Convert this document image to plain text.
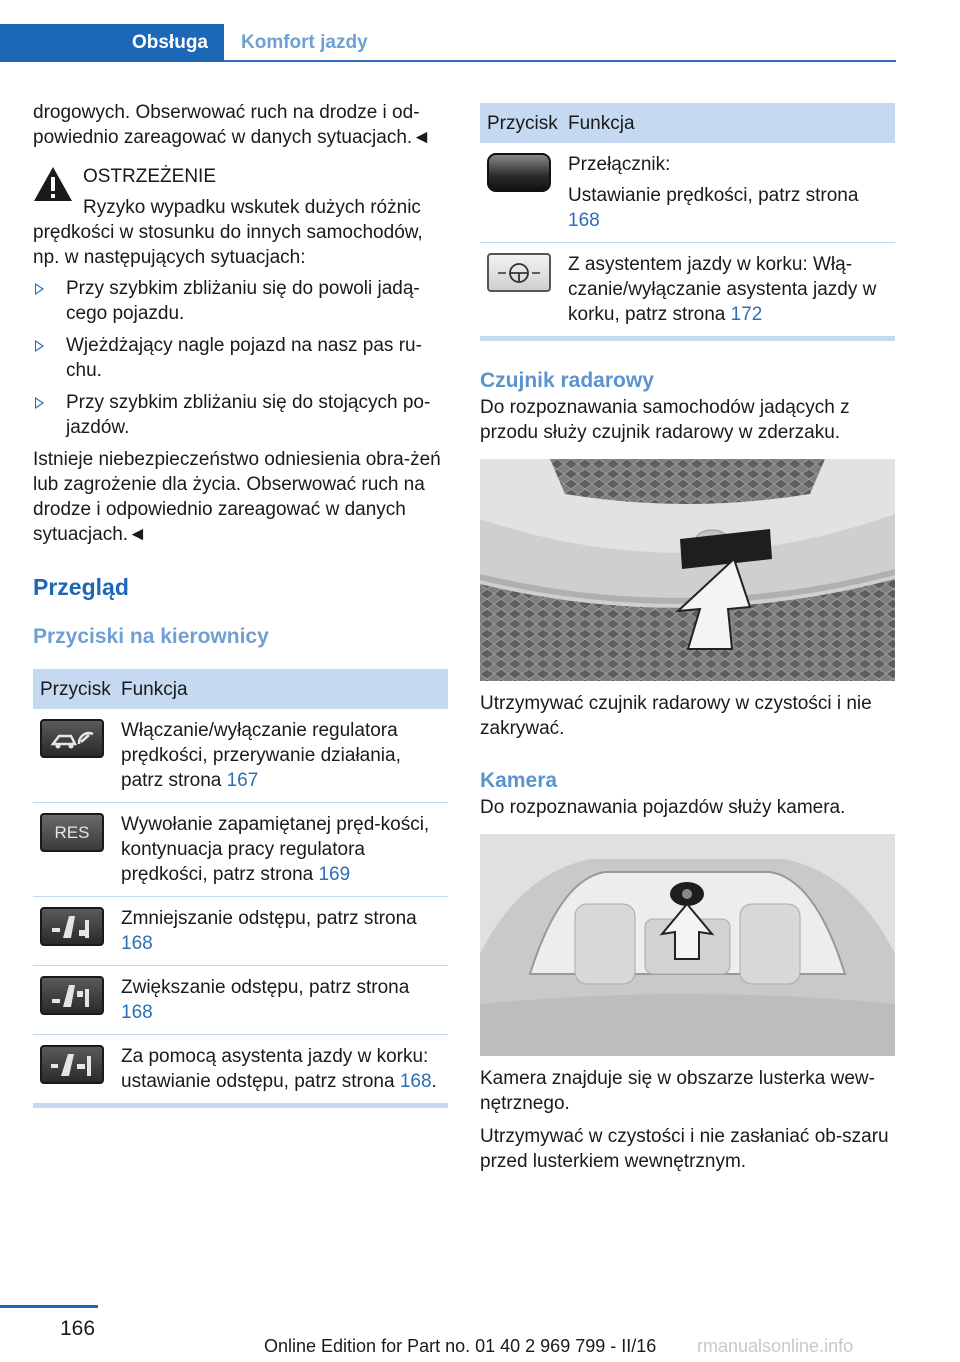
Obsługa	Komfort jazdy

drogowych. Obserwować ruch na drodze i od-powiednio zareagować w danych sytuacjach.◄

OSTRZEŻENIE

Ryzyko wypadku wskutek dużych różnic prędkości w stosunku do innych samochodów, np. w następujących sytuacjach:

Przy szybkim zbliżaniu się do powoli jadą-cego pojazdu.
Wjeżdżający nagle pojazd na nasz pas ru-chu.
Przy szybkim zbliżaniu się do stojących po-jazdów.

Istnieje niebezpieczeństwo odniesienia obra-żeń lub zagrożenie dla życia. Obserwować ruch na drodze i odpowiednio zareagować w danych sytuacjach.◄

Przegląd
Przyciski na kierownicy
Przycisk	Funkcja

	Włączanie/wyłączanie regulatora prędkości, przerywanie działania, patrz strona 167

RES	Wywołanie zapamiętanej pręd-kości, kontynuacja pracy regulatora prędkości, patrz strona 169

	Zmniejszanie odstępu, patrz strona 168

	Zwiększanie odstępu, patrz strona 168

	Za pomocą asystenta jazdy w korku: ustawianie odstępu, patrz strona 168.
Przycisk	Funkcja

	Przełącznik:

Ustawianie prędkości, patrz strona 168

	Z asystentem jazdy w korku: Włą-czanie/wyłączanie asystenta jazdy w korku, patrz strona 172
Czujnik radarowy

Do rozpoznawania samochodów jadących z przodu służy czujnik radarowy w zderzaku.

Utrzymywać czujnik radarowy w czystości i nie zakrywać.

Kamera

Do rozpoznawania pojazdów służy kamera.

Kamera znajduje się w obszarze lusterka wew-nętrznego.

Utrzymywać w czystości i nie zasłaniać ob-szaru przed lusterkiem wewnętrznym.

166
Online Edition for Part no. 01 40 2 969 799 - II/16 rmanualsonline.info
